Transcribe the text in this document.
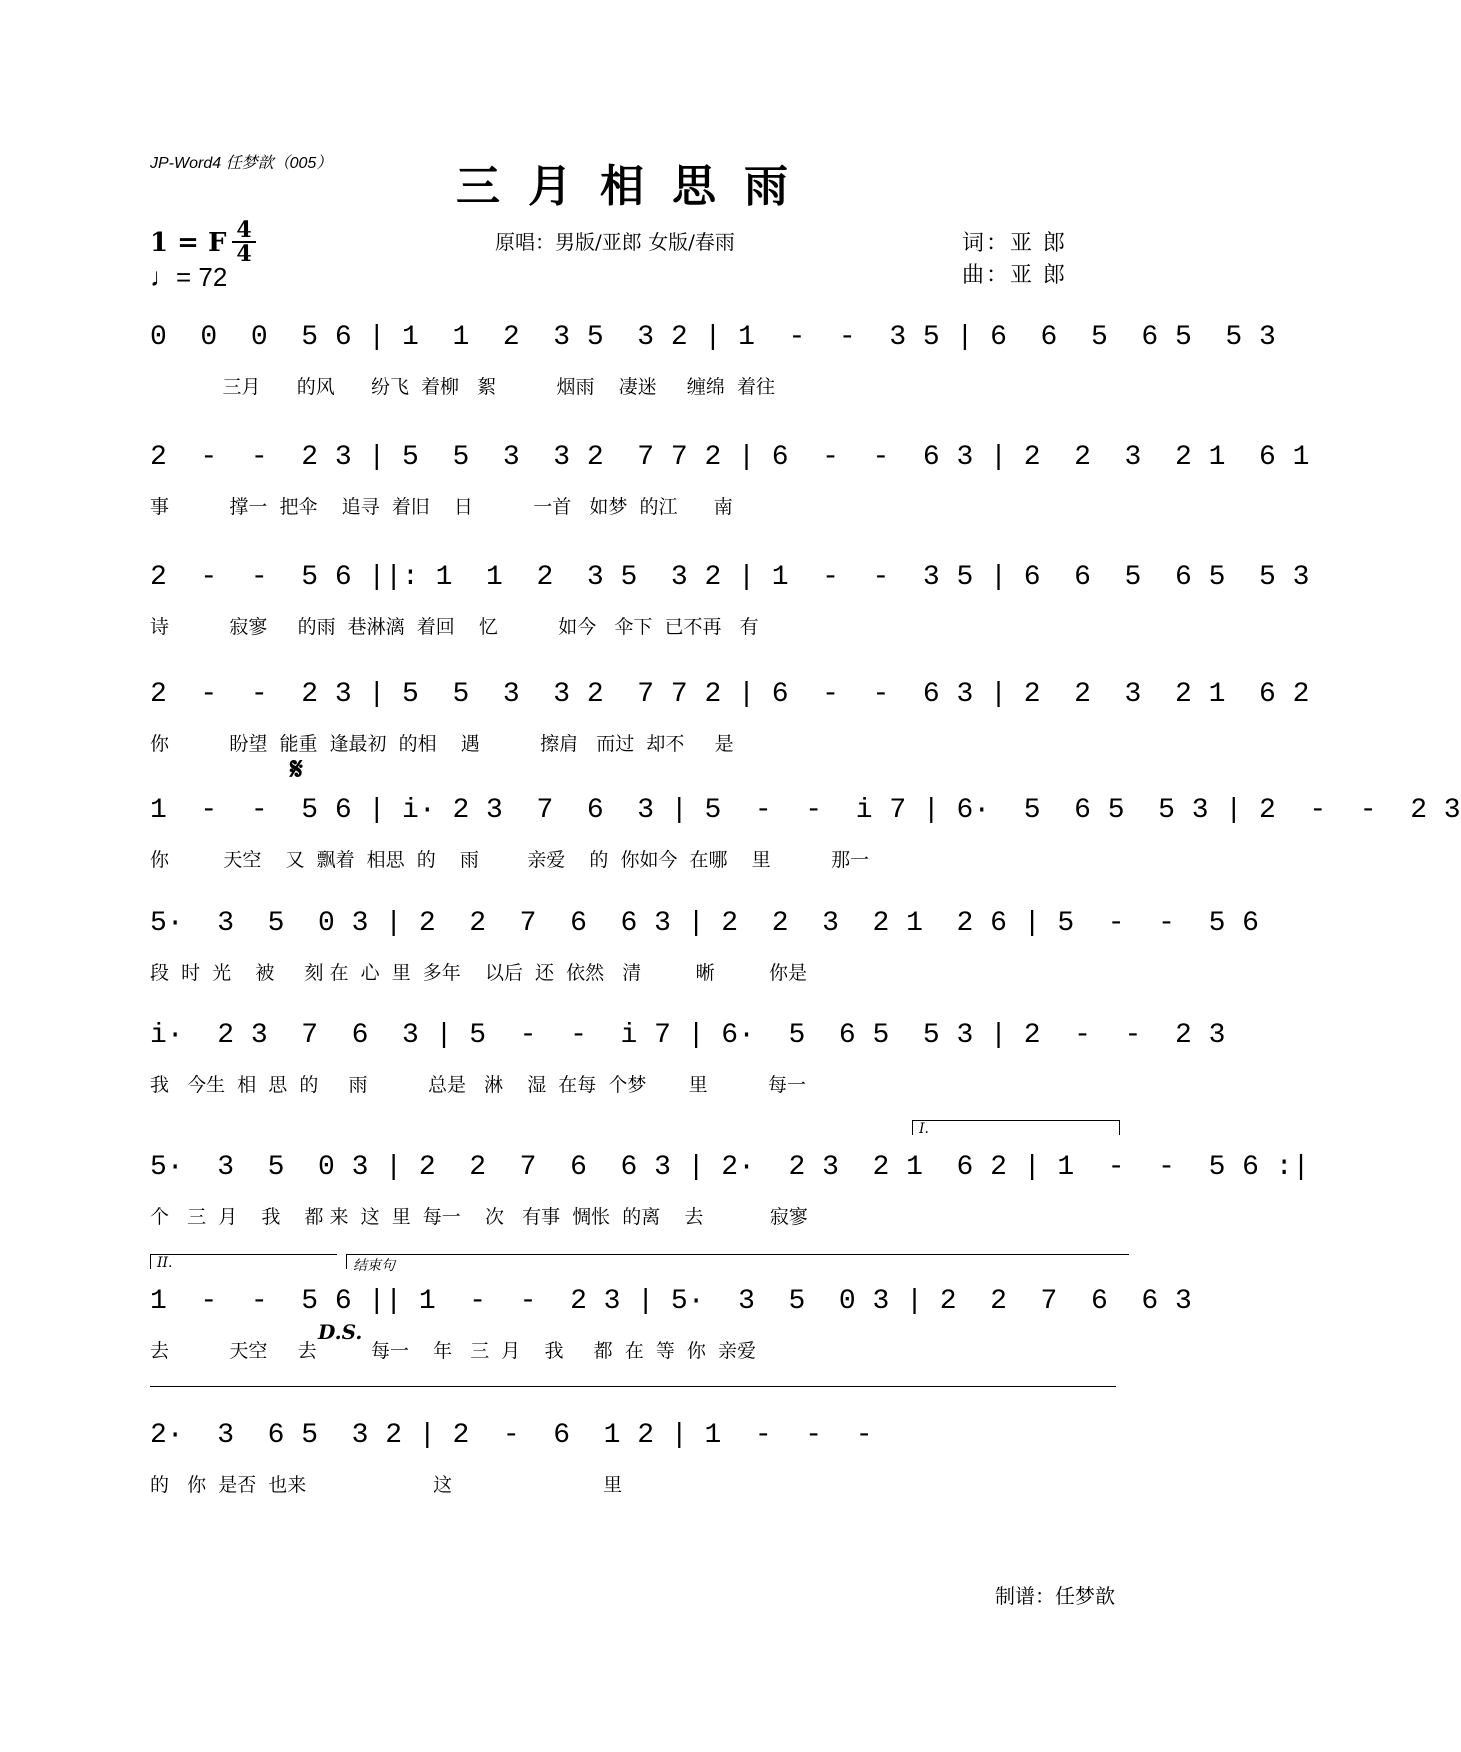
JP-Word4 任梦歆（005）	三月相思雨
1 = F 4
4
♩= 72
原唱：男版/亚郎 女版/春雨	词：亚 郎
曲：亚 郎
0  0  0  5 6 | 1  1  2  3 5  3 2 | 1  -  -  3 5 | 6  6  5  6 5  5 3
三月      的风      纷飞  着柳   絮          烟雨    凄迷     缠绵  着往
2  -  -  2 3 | 5  5  3  3 2  7 7 2 | 6  -  -  6 3 | 2  2  3  2 1  6 1
事          撑一  把伞    追寻  着旧    日          一首   如梦  的江      南
2  -  -  5 6 ||: 1  1  2  3 5  3 2 | 1  -  -  3 5 | 6  6  5  6 5  5 3
诗          寂寥     的雨  巷淋漓  着回    忆          如今   伞下  已不再   有
2  -  -  2 3 | 5  5  3  3 2  7 7 2 | 6  -  -  6 3 | 2  2  3  2 1  6 2
你          盼望  能重  逢最初  的相    遇          擦肩   而过  却不     是
𝄋
1  -  -  5 6 | i· 2 3  7  6  3 | 5  -  -  i 7 | 6·  5  6 5  5 3 | 2  -  -  2 3
你         天空    又  飘着  相思  的    雨        亲爱    的  你如今  在哪    里          那一
5·  3  5  0 3 | 2  2  7  6  6 3 | 2  2  3  2 1  2 6 | 5  -  -  5 6
段  时  光    被     刻 在  心  里  多年    以后  还  依然   清         晰         你是
i·  2 3  7  6  3 | 5  -  -  i 7 | 6·  5  6 5  5 3 | 2  -  -  2 3
我   今生  相  思  的     雨          总是   淋    湿  在每  个梦       里          每一
I.
5·  3  5  0 3 | 2  2  7  6  6 3 | 2·  2 3  2 1  6 2 | 1  -  -  5 6 :|
个   三  月    我    都 来  这  里  每一    次   有事  惆怅  的离    去           寂寥
II.	结束句
1  -  -  5 6 || 1  -  -  2 3 | 5·  3  5  0 3 | 2  2  7  6  6 3
去          天空     去         每一    年   三  月    我     都  在  等  你  亲爱
D.S.
2·  3  6 5  3 2 | 2  -  6  1 2 | 1  -  -  -
的   你  是否  也来                     这                         里
制谱：任梦歆
